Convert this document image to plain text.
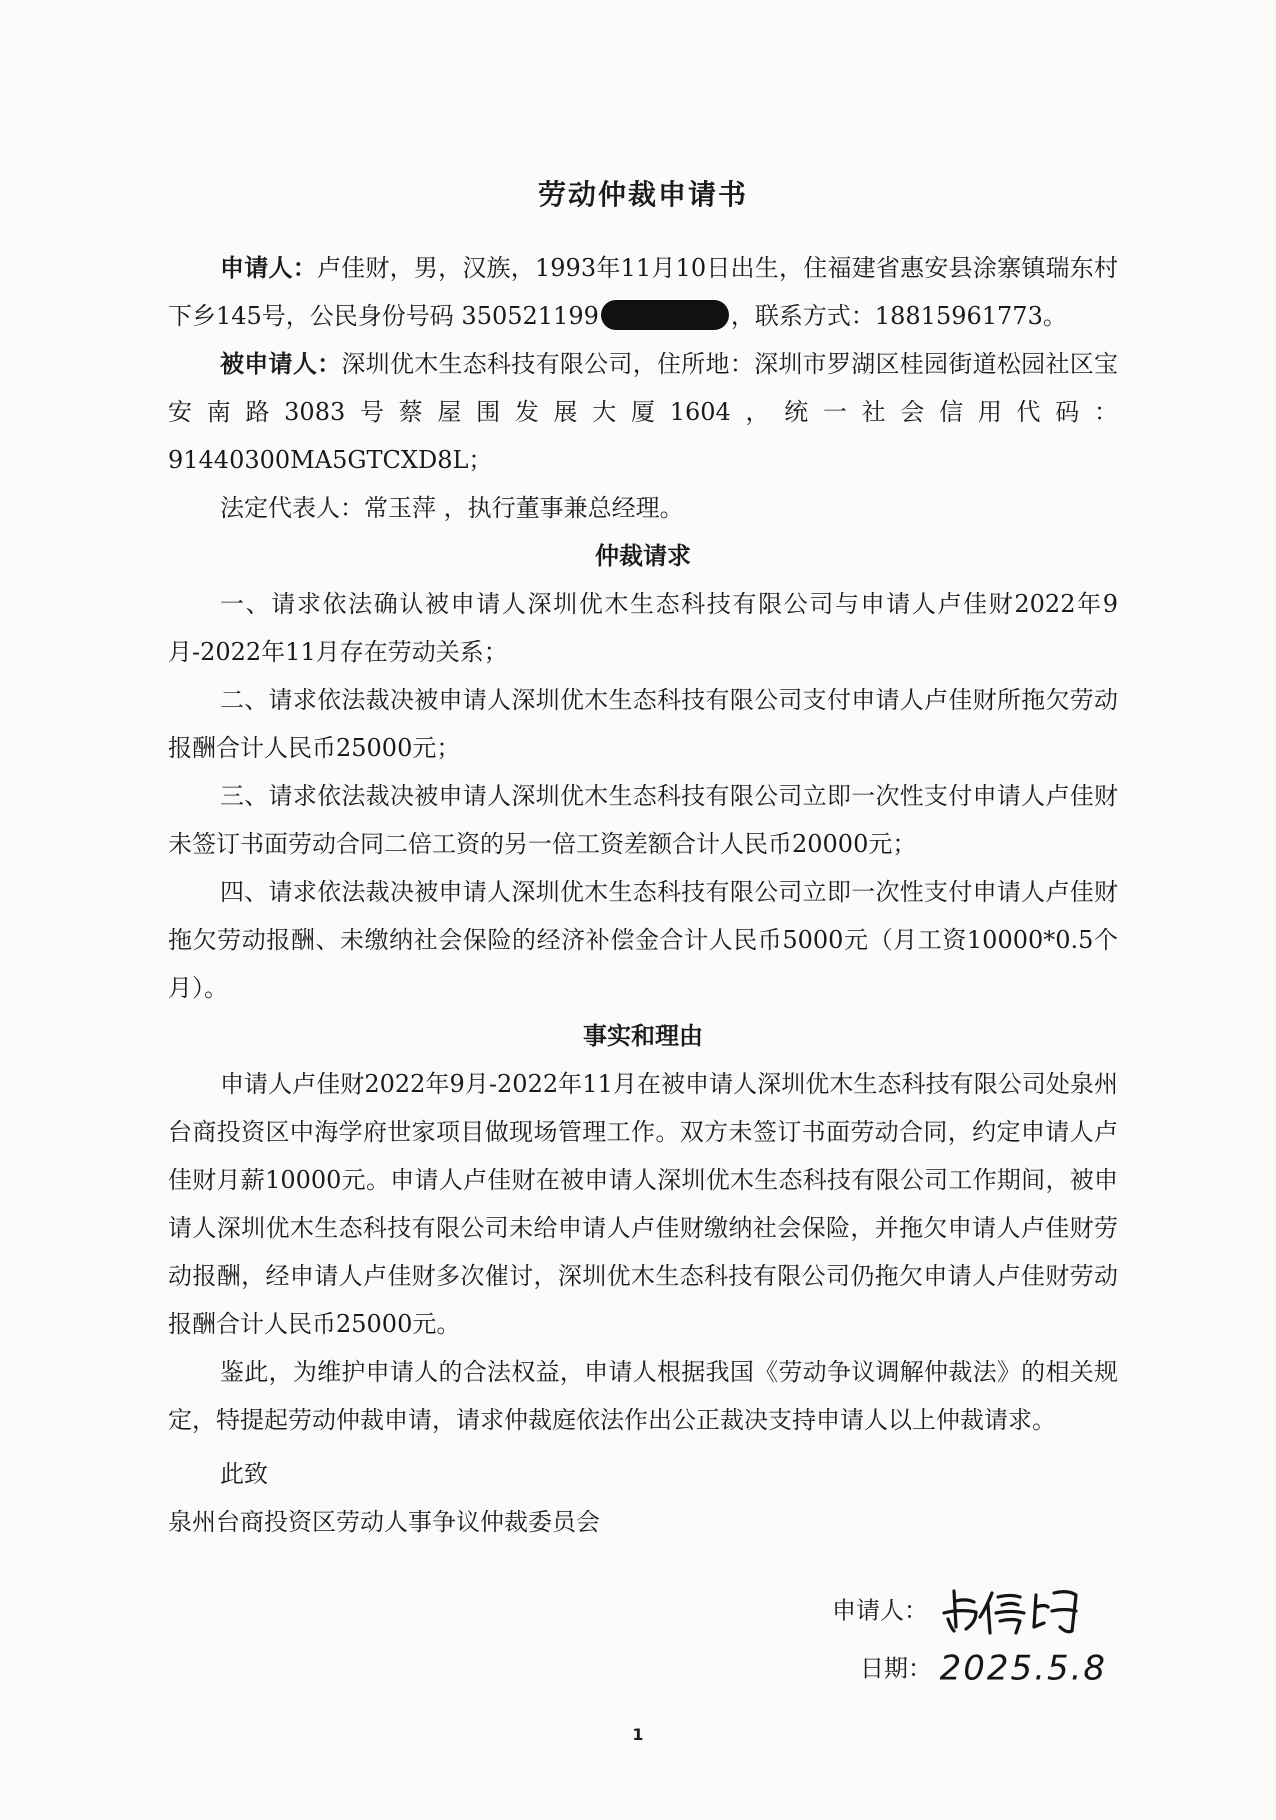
劳动仲裁申请书

申请人：卢佳财，男，汉族，1993年11月10日出生，住福建省惠安县涂寨镇瑞东村下乡145号，公民身份号码 350521199	，联系方式：18815961773。

被申请人：深圳优木生态科技有限公司，住所地：深圳市罗湖区桂园街道松园社区宝安南路3083号蔡屋围发展大厦1604，统一社会信用代码：91440300MA5GTCXD8L；

法定代表人：常玉萍 ，执行董事兼总经理。

仲裁请求

一、请求依法确认被申请人深圳优木生态科技有限公司与申请人卢佳财2022年9月-2022年11月存在劳动关系；

二、请求依法裁决被申请人深圳优木生态科技有限公司支付申请人卢佳财所拖欠劳动报酬合计人民币25000元；

三、请求依法裁决被申请人深圳优木生态科技有限公司立即一次性支付申请人卢佳财未签订书面劳动合同二倍工资的另一倍工资差额合计人民币20000元；

四、请求依法裁决被申请人深圳优木生态科技有限公司立即一次性支付申请人卢佳财拖欠劳动报酬、未缴纳社会保险的经济补偿金合计人民币5000元（月工资10000*0.5个月）。

事实和理由

申请人卢佳财2022年9月-2022年11月在被申请人深圳优木生态科技有限公司处泉州台商投资区中海学府世家项目做现场管理工作。双方未签订书面劳动合同，约定申请人卢佳财月薪10000元。申请人卢佳财在被申请人深圳优木生态科技有限公司工作期间，被申请人深圳优木生态科技有限公司未给申请人卢佳财缴纳社会保险，并拖欠申请人卢佳财劳动报酬，经申请人卢佳财多次催讨，深圳优木生态科技有限公司仍拖欠申请人卢佳财劳动报酬合计人民币25000元。

鉴此，为维护申请人的合法权益，申请人根据我国《劳动争议调解仲裁法》的相关规定，特提起劳动仲裁申请，请求仲裁庭依法作出公正裁决支持申请人以上仲裁请求。

此致

泉州台商投资区劳动人事争议仲裁委员会

申请人：
日期： 2025.5.8
1
